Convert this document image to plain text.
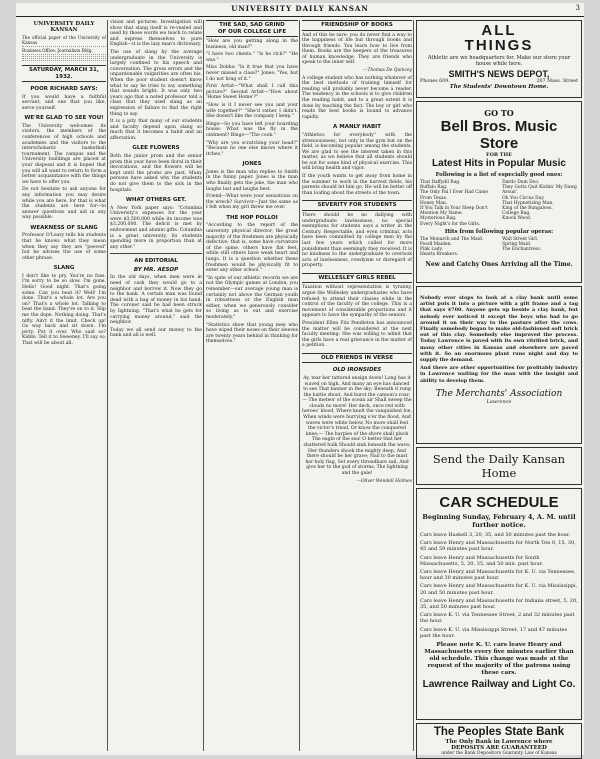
UNIVERSITY DAILY KANSAN	3
UNIVERSITY DAILY KANSAN

The official paper of the University of Kansas

Business Office: Journalism Bldg.

SATURDAY, MARCH 31, 1932.
POOR RICHARD SAYS:

If you would have a faithful servant, and one that you like, serve yourself.

WE'RE GLAD TO SEE YOU!

The University welcomes its visitors, the members of the conferences of high schools and academies and the visitors to the interscholastic basketball tournament. The campus and the University buildings are placed at your disposal and it is hoped that you will all want to return to form a better acquaintance with the things we have to offer you.

Do not hesitate to ask anyone for any information you may desire while you are here, for that is what the students are here for—to answer questions and aid in any way possible.

WEAKNESS OF SLANG

Professor O'Leary tells his students that he knows what they mean when they say they are "peeved" but he advises the use of some other phrase.

SLANG

I don't like to pry. You're no fuss. I'm sorry to be so slow. I'm gone. Hello! Good night. That's going some. Can you beat it? Well! I'm done. That's a whole lot. Are you on? That's a whole lot. Talking to beat the band. They're on to it. Slip me the dope. Nothing doing. That's nifty. Ain't it the limit. Check up! Go way back and sit down. I'm jerry. Put it over. Who said so? Kiddo. Tell it to Sweeney. I'll say so. That will be about all.

vision and pictures. Investigation will show that slang itself is re-vealed and used by those words we teach to relate and express themselves to pure English—it is the lazy man's dictionary.

The use of slang by the average undergraduate in the University is largely confined to his speech and conversation. The gross errors and the unpardonable vulgarities are often his. When the poor student doesn't know what to say he tries to say something that sounds bright. It was only two years ago that a noted professor told a class that they used slang as an expression of failure to find the right thing to say.

It is a pity that many of our students and faculty depend upon slang so much that it becomes a habit and an affectation.

GLEE FLOWERS

Both the junior prom and the senior prom this year have been floral in their decorations, and the flowers will be kept until the proms are past. Many persons have asked why the students do not give them to the sick in the hospitals.

WHAT OTHERS GET.

A New York paper says: "Columbia University's expenses for the year were $3,500,000 while its income was $3,200,000. The deficit is met by endowment and alumni gifts. Columbia is a great university, its students spending more in proportion than at any other."

AN EDITORIAL
BY MR. AESOP

In the old days, when men were in need of cash they would go to a neighbor and borrow it. Now they go to the bank. A certain man was found dead with a bag of money in his hand. The coroner said he had been struck by lightning. "That's what he gets for carrying money around," said the neighbor.

Today we all send our money to the bank and all is well.

THE SAD, SAD GRIND
OF OUR COLLEGE LIFE

"How are you getting along in the business, old man?"

"I have two clients." "Is he rich?" "He was."

Miss Dobbs: "Is it true that you have never missed a class?" Jones: "Yes, but I do not brag of it."

First Artist—"What shall I call this picture?" Second Artist—"How about 'Home Sweet Home'?"

"How is it I never see you and your wife together?" "She'd rather I didn't. She doesn't like the company I keep."

Bingo—So you have left your boarding house. What was the fly in the ointment? Bingo—"The cook."

"Why are you scratching your head?" "Because no one else knows where it itches."

JONES

Jones is the man who replies to Smith in the funny paper. Jones is the man who finally gets the joke, the man who laughs last and laughs best.

Friend—What were your sensations on the wreck? Survivor—Just the same as I felt when my girl threw me over.

THE HOP POLLOI

"According to the report of the university physical director, the great majority of the freshmen are physically defective; that is, some have curvature of the spine, others have flat feet, while still others have weak heart and lungs. It is a question whether these freshmen would be physically fit to enter any other school."

"In spite of our athletic records we are not the Olympic games at London, you remember—our average young man is certainly not above the German youth in robustness or the English man either, when we generously consider so living as to eat and exercise moderately."

"Statistics show that young men who have wiped their noses on their sleeves are twenty years behind in thinking for themselves."

FRIENDSHIP OF BOOKS

And of this be sure: you do never find a way to the happiness of life but through books and through friends. You learn how to live from them. Books are the keepers of the treasures of human knowledge. They are friends who speak to the inner self.

—Thomas De Quincey

A college student who has nothing whatever of the best methods of training himself for reading will probably never become a reader. The tendency in the schools is to give children the reading habit, and to a great extent it is done by teaching the fact. The boy or girl who reads the best books is bound to advance rapidly.

A MANLY HABIT

"Athletics for everybody" with the strenuousness, not only in the gym but on the field, is becoming popular among the students. We are glad to see the interest taken in this matter, as we believe that all students should be out for some kind of physical exercise. This will bring health and vigor.

If the youth wants to get away from home in the summer to work in the harvest fields, his parents should let him go. He will be better off than loafing about the streets of the town.

SEVERITY FOR STUDENTS

There should be no dallying with undergraduate lawlessness, no special exemptions for students says a writer in the Century. Respectable, and even criminal, acts have been committed by college men by the last few years which called for more punishment than seemingly they received. It is no kindness to the undergraduate to overlook acts of lawlessness, rowdyism or disregard of property.

WELLESLEY GIRLS REBEL

Taxation without representation is tyranny, argue the Wellesley undergraduates who have refused to attend their classes while in the control of the faculty of the college. This is a movement of considerable proportions and it appears to have the sympathy of the seniors.

President Ellen Fitz Pendleton has announced the matter will be considered at the next faculty meeting. She was willing to admit that the girls have a real grievance in the matter of a petition.

OLD FRIENDS IN VERSE
OLD IRONSIDES

Ay, tear her tattered ensign down! Long has it waved on high, And many an eye has danced to see That banner in the sky; Beneath it rung the battle shout, And burst the cannon's roar;— The meteor of the ocean air Shall sweep the clouds no more! Her deck, once red with heroes' blood, Where knelt the vanquished foe, When winds were hurrying o'er the flood, And waves were white below, No more shall feel the victor's tread, Or know the conquered knee;— The harpies of the shore shall pluck The eagle of the sea! O better that her shattered hulk Should sink beneath the wave; Her thunders shook the mighty deep, And there should be her grave; Nail to the mast her holy flag, Set every threadbare sail, And give her to the god of storms, The lightning and the gale!

—Oliver Wendell Holmes

ALL
THINGS

Athletic are we headquarters for. Make our store your house while here.

SMITH'S NEWS DEPOT,
Phones 609.	207 Mass. Street
The Students' Downtown Home.
GO TO
Bell Bros. Music Store
FOR THE
Latest Hits in Popular Music
Following is a list of especially good ones:
That Daffydil Rag.
Buffalo Rag.
The Only Pal I Ever Had Came From Texas.
Honey Man.
If You Talk in Your Sleep Don't Mention My Name.
Mysterious Rag.
Every Night's for the Girls.
Dardo Dum Doo.
They Gotta Quit Kickin' My Dawg Aroun'.
Oh You Circus Day.
That Hypnotizing Man.
King of the Bungaloos.
College Rag.
Knock Wood.
Hits from following popular operas:
The Monarch and The Maid.
Poodl Maiden.
Pink Lady.
Hearts Breakers.
Wall Street Girl.
Spring Maid.
The Enchantress.
New and Catchy Ones Arriving all the Time.

Nobody ever stops to look at a clay bank until some artist puts it into a picture with a gilt frame and a tag that says $700. Anyone gets up beside a clay bank, but nobody ever noticed it except the boys who had to go around it on their way to the pasture after the cows. Finally somebody began to make old-fashioned soft brick out of this clay. Somebody else improved the process. Today Lawrence is paved with its own vitrified brick, and many other cities in Kansas and elsewhere are paved with it. So an enormous plant runs night and day to supply the demand.

And there are other opportunities for profitably industry in Lawrence waiting for the man with the insight and ability to develop them.

The Merchants' Association
Lawrence
Send the Daily Kansan Home
CAR SCHEDULE
Beginning Sunday, February 4, A. M. until further notice.

Cars leave Haskell 3, 20, 35, and 50 minutes past the hour.

Cars leave Henry and Massachusetts for North Ten 0, 15, 30, 45 and 59 minutes past hour.

Cars leave Henry and Massachusetts for South Massachusetts, 5, 20, 35, and 50 min. past hour.

Cars leave Henry and Massachusetts for K. U. via Tennessee, hour and 30 minutes past hour.

Cars leave Henry and Massachusetts for K. U. via Mississippi, 20 and 50 minutes past hour.

Cars leave Henry and Massachusetts for Indiana street, 5, 20, 35, and 50 minutes past hour.

Cars leave K. U. via Tennessee Street, 2 and 32 minutes past the hour.

Cars leave K. U. via Mississippi Street, 17 and 47 minutes past the hour.

Please note K. U. cars leave Henry and Massachusetts every five minutes earlier than old schedule. This change was made at the request of the majority of the patrons using these cars.

Lawrence Railway and Light Co.
The Peoples State Bank
The Only Bank in Lawrence where
DEPOSITS ARE GUARANTEED
under the Bank Depositors Guaranty Law of Kansas
